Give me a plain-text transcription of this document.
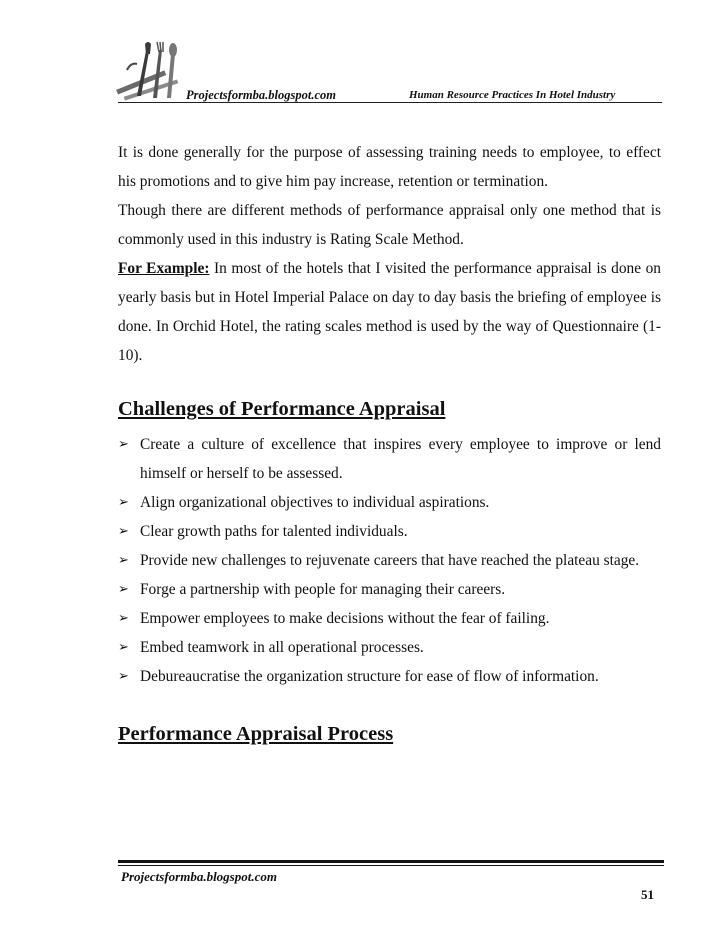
Projectsformba.blogspot.com	Human Resource Practices In Hotel Industry

It is done generally for the purpose of assessing training needs to employee, to effect his promotions and to give him pay increase, retention or termination.

Though there are different methods of performance appraisal only one method that is commonly used in this industry is Rating Scale Method.

For Example: In most of the hotels that I visited the performance appraisal is done on yearly basis but in Hotel Imperial Palace on day to day basis the briefing of employee is done. In Orchid Hotel, the rating scales method is used by the way of Questionnaire (1-10).

Challenges of Performance Appraisal
➢ Create a culture of excellence that inspires every employee to improve or lend himself or herself to be assessed.
➢ Align organizational objectives to individual aspirations.
➢ Clear growth paths for talented individuals.
➢ Provide new challenges to rejuvenate careers that have reached the plateau stage.
➢ Forge a partnership with people for managing their careers.
➢ Empower employees to make decisions without the fear of failing.
➢ Embed teamwork in all operational processes.
➢ Debureaucratise the organization structure for ease of flow of information.
Performance Appraisal Process
Projectsformba.blogspot.com
51
